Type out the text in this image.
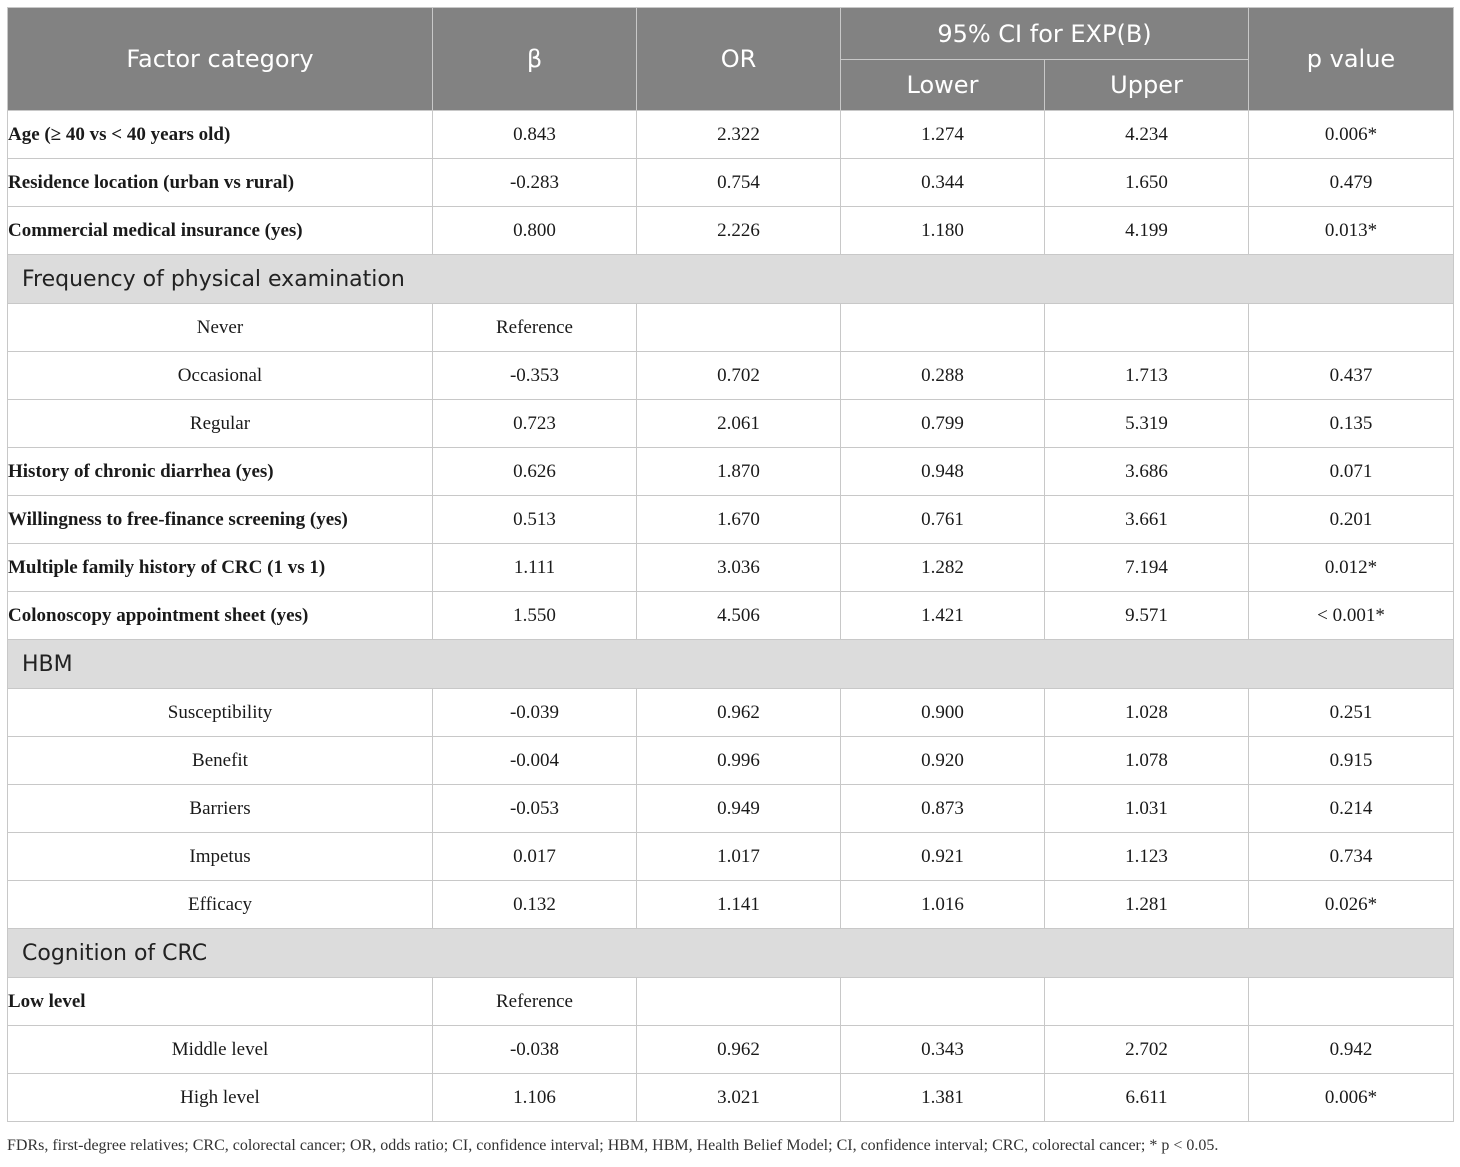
Factor category	β	OR	95% CI for EXP(B)		p value
			Lower	Upper	
Age (≥ 40 vs < 40 years old)	0.843	2.322	1.274	4.234	0.006*
Residence location (urban vs rural)	-0.283	0.754	0.344	1.650	0.479
Commercial medical insurance (yes)	0.800	2.226	1.180	4.199	0.013*
Frequency of physical examination					
Never	Reference				
Occasional	-0.353	0.702	0.288	1.713	0.437
Regular	0.723	2.061	0.799	5.319	0.135
History of chronic diarrhea (yes)	0.626	1.870	0.948	3.686	0.071
Willingness to free-finance screening (yes)	0.513	1.670	0.761	3.661	0.201
Multiple family history of CRC (1 vs 1)	1.111	3.036	1.282	7.194	0.012*
Colonoscopy appointment sheet (yes)	1.550	4.506	1.421	9.571	< 0.001*
HBM					
Susceptibility	-0.039	0.962	0.900	1.028	0.251
Benefit	-0.004	0.996	0.920	1.078	0.915
Barriers	-0.053	0.949	0.873	1.031	0.214
Impetus	0.017	1.017	0.921	1.123	0.734
Efficacy	0.132	1.141	1.016	1.281	0.026*
Cognition of CRC					
Low level	Reference				
Middle level	-0.038	0.962	0.343	2.702	0.942
High level	1.106	3.021	1.381	6.611	0.006*
FDRs, first-degree relatives; CRC, colorectal cancer; OR, odds ratio; CI, confidence interval; HBM, HBM, Health Belief Model; CI, confidence interval; CRC, colorectal cancer; * p < 0.05.
